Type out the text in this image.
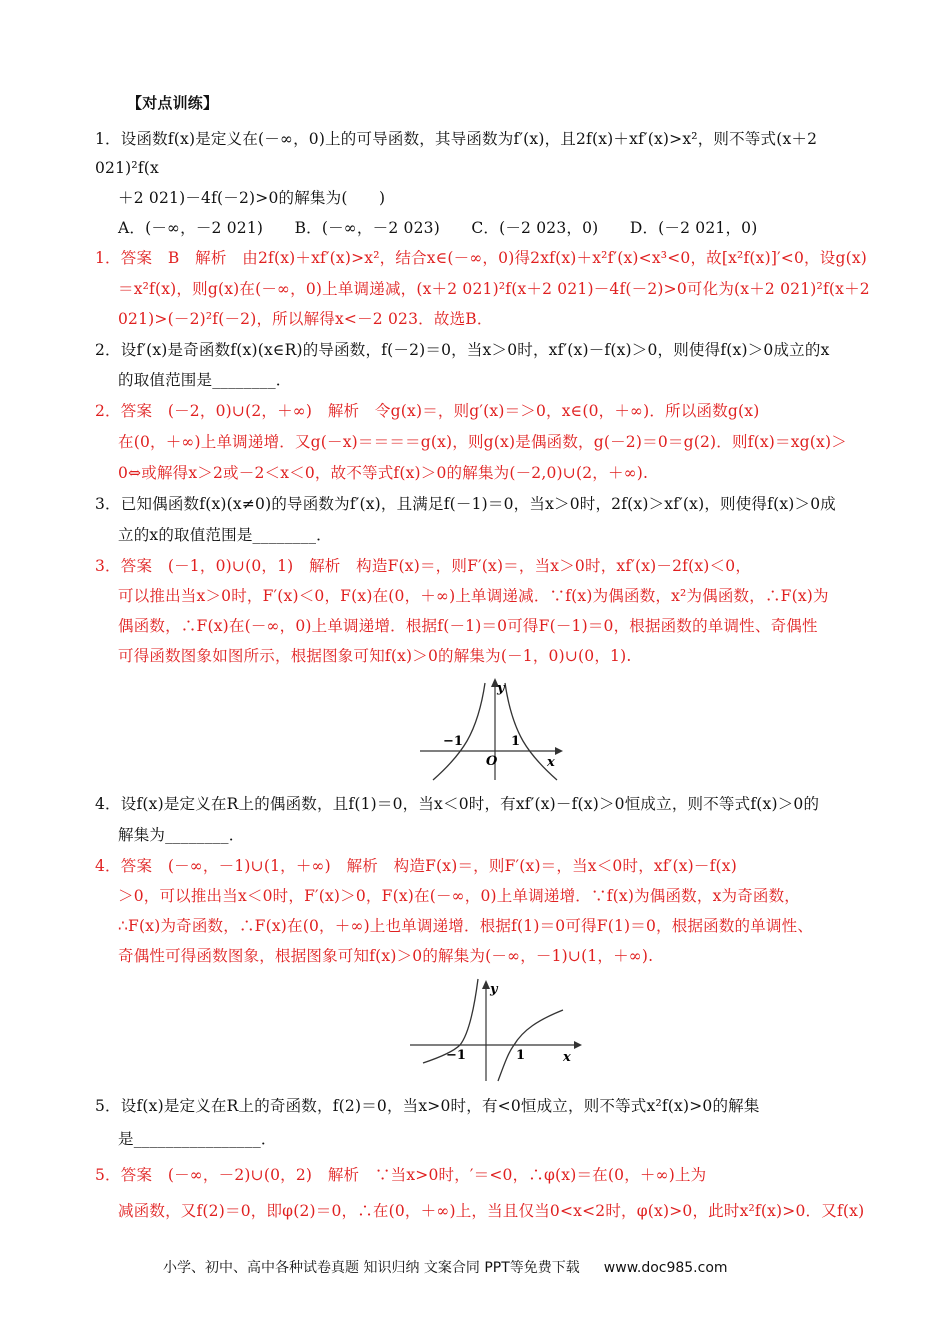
【对点训练】
1．设函数f(x)是定义在(－∞，0)上的可导函数，其导函数为f′(x)，且2f(x)＋xf′(x)>x²，则不等式(x＋2
021)²f(x
＋2 021)－4f(－2)>0的解集为(　　)
A．(－∞，－2 021)　　B．(－∞，－2 023)　　C．(－2 023，0)　　D．(－2 021，0)
1．答案　B　解析　由2f(x)＋xf′(x)>x²，结合x∈(－∞，0)得2xf(x)＋x²f′(x)<x³<0，故[x²f(x)]′<0，设g(x)
＝x²f(x)，则g(x)在(－∞，0)上单调递减，(x＋2 021)²f(x＋2 021)－4f(－2)>0可化为(x＋2 021)²f(x＋2
021)>(－2)²f(－2)，所以解得x<－2 023．故选B．
2．设f′(x)是奇函数f(x)(x∈R)的导函数，f(－2)＝0，当x＞0时，xf′(x)－f(x)＞0，则使得f(x)＞0成立的x
的取值范围是________．
2．答案　(－2，0)∪(2，＋∞)　解析　令g(x)＝，则g′(x)＝＞0，x∈(0，＋∞)．所以函数g(x)
在(0，＋∞)上单调递增．又g(－x)＝＝＝＝g(x)，则g(x)是偶函数，g(－2)＝0＝g(2)．则f(x)＝xg(x)＞
0⇔或解得x＞2或－2＜x＜0，故不等式f(x)＞0的解集为(－2,0)∪(2，＋∞).
3．已知偶函数f(x)(x≠0)的导函数为f′(x)，且满足f(－1)＝0，当x＞0时，2f(x)＞xf′(x)，则使得f(x)＞0成
立的x的取值范围是________．
3．答案　(－1，0)∪(0，1)　解析　构造F(x)＝，则F′(x)＝，当x＞0时，xf′(x)－2f(x)＜0，
可以推出当x＞0时，F′(x)＜0，F(x)在(0，＋∞)上单调递减．∵f(x)为偶函数，x²为偶函数，∴F(x)为
偶函数，∴F(x)在(－∞，0)上单调递增．根据f(－1)＝0可得F(－1)＝0，根据函数的单调性、奇偶性
可得函数图象如图所示，根据图象可知f(x)＞0的解集为(－1，0)∪(0，1).
y
x
O
−1	1
4．设f(x)是定义在R上的偶函数，且f(1)＝0，当x＜0时，有xf′(x)－f(x)＞0恒成立，则不等式f(x)＞0的
解集为________．
4．答案　(－∞，－1)∪(1，＋∞)　解析　构造F(x)＝，则F′(x)＝，当x＜0时，xf′(x)－f(x)
＞0，可以推出当x＜0时，F′(x)＞0，F(x)在(－∞，0)上单调递增．∵f(x)为偶函数，x为奇函数，
∴F(x)为奇函数，∴F(x)在(0，＋∞)上也单调递增．根据f(1)＝0可得F(1)＝0，根据函数的单调性、
奇偶性可得函数图象，根据图象可知f(x)＞0的解集为(－∞，－1)∪(1，＋∞).
y
x
−1	1
5．设f(x)是定义在R上的奇函数，f(2)＝0，当x>0时，有<0恒成立，则不等式x²f(x)>0的解集
是________________．
5．答案　(－∞，－2)∪(0，2)　解析　∵当x>0时，′＝<0，∴φ(x)＝在(0，＋∞)上为
减函数，又f(2)＝0，即φ(2)＝0，∴在(0，＋∞)上，当且仅当0<x<2时，φ(x)>0，此时x²f(x)>0．又f(x)
小学、初中、高中各种试卷真题 知识归纳 文案合同 PPT等免费下载 www.doc985.com
